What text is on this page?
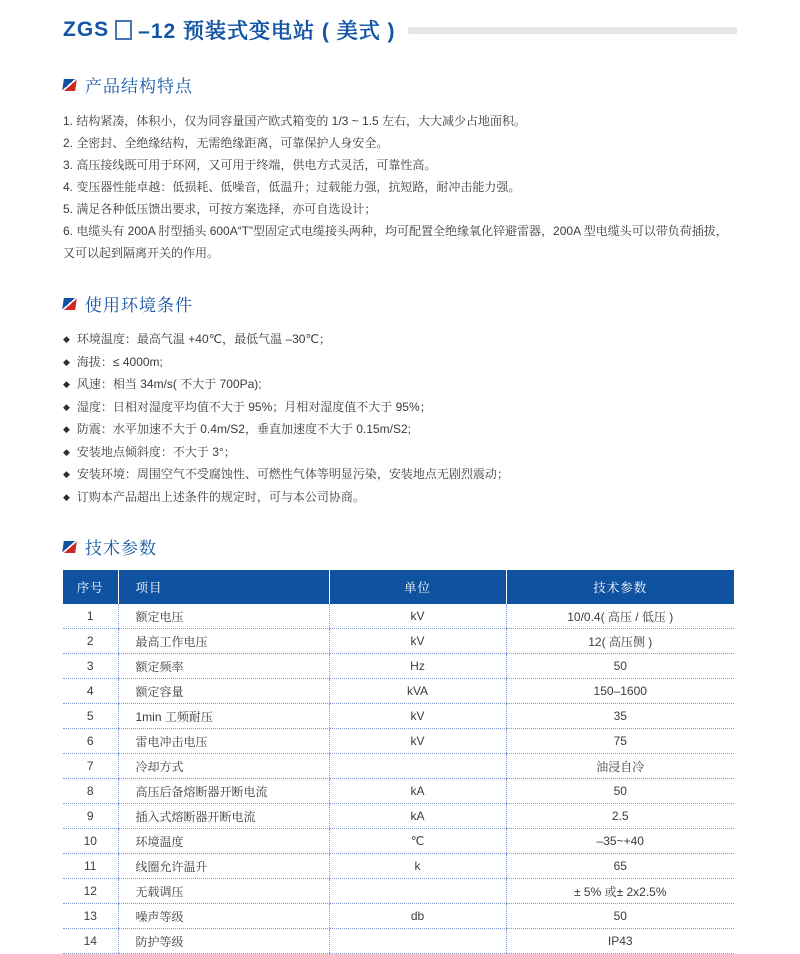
ZGS –12 预装式变电站 ( 美式 )
产品结构特点

1. 结构紧凑，体积小，仅为同容量国产欧式箱变的 1/3 ~ 1.5 左右，大大减少占地面积。

2. 全密封、全绝缘结构，无需绝缘距离，可靠保护人身安全。

3. 高压接线既可用于环网，又可用于终端，供电方式灵活，可靠性高。

4. 变压器性能卓越：低损耗、低噪音，低温升；过载能力强，抗短路，耐冲击能力强。

5. 满足各种低压馈出要求，可按方案选择，亦可自选设计；

6. 电缆头有 200A 肘型插头 600A“T”型固定式电缆接头两种，均可配置全绝缘氧化锌避雷器，200A 型电缆头可以带负荷插拔，又可以起到隔离开关的作用。

使用环境条件

◆ 环境温度：最高气温 +40℃，最低气温 –30℃；

◆ 海拔：≤ 4000m;

◆ 风速：相当 34m/s( 不大于 700Pa);

◆ 湿度：日相对湿度平均值不大于 95%；月相对湿度值不大于 95%；

◆ 防震：水平加速不大于 0.4m/S2，垂直加速度不大于 0.15m/S2;

◆ 安装地点倾斜度：不大于 3°；

◆ 安装环境：周围空气不受腐蚀性、可燃性气体等明显污染，安装地点无剧烈震动；

◆ 订购本产品超出上述条件的规定时，可与本公司协商。

技术参数
序号	项目	单位	技术参数
1	额定电压	kV	10/0.4( 高压 / 低压 )
2	最高工作电压	kV	12( 高压侧 )
3	额定频率	Hz	50
4	额定容量	kVA	150–1600
5	1min 工频耐压	kV	35
6	雷电冲击电压	kV	75
7	冷却方式		油浸自冷
8	高压后备熔断器开断电流	kA	50
9	插入式熔断器开断电流	kA	2.5
10	环境温度	℃	–35~+40
11	线圈允许温升	k	65
12	无载调压		± 5% 或± 2x2.5%
13	噪声等级	db	50
14	防护等级		IP43
